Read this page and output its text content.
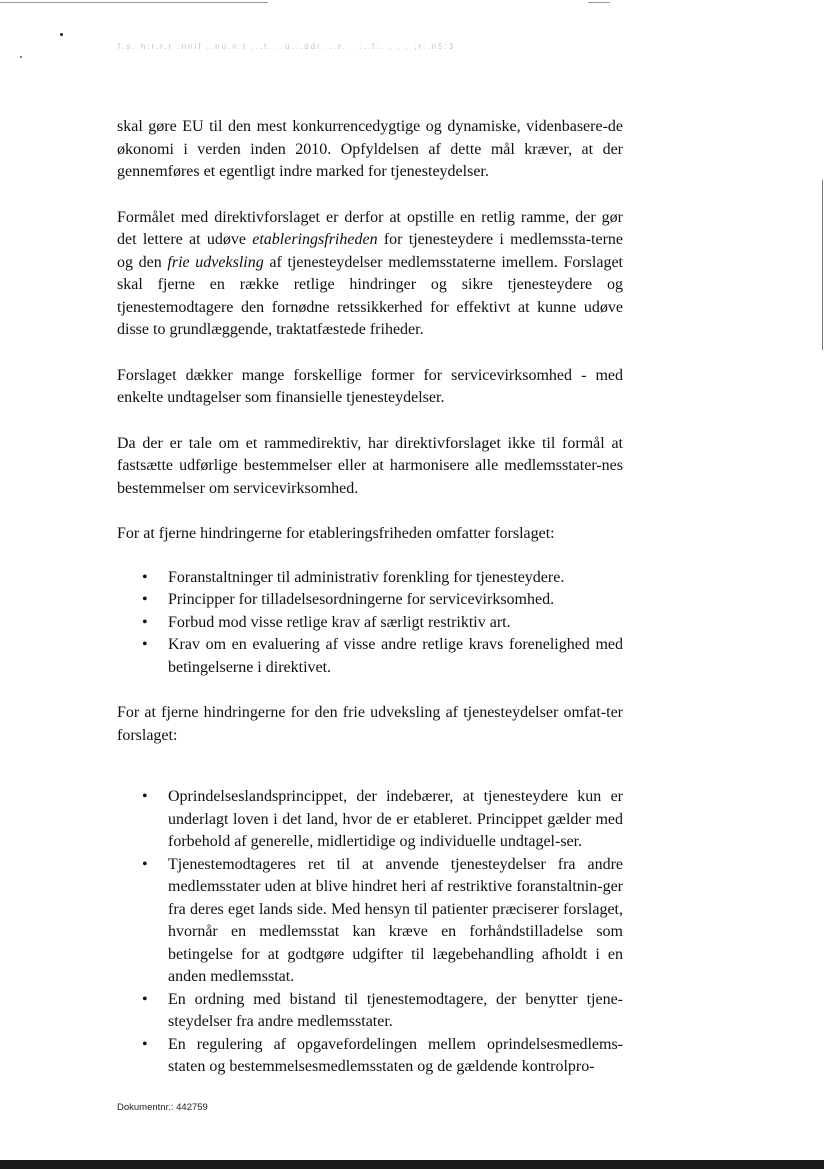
f.s. h:r.r.r :nnif ..nu.n:t ...t. ..u.:.ddr. ..r. . :..f:. , . . ;r:.n5:3

skal gøre EU til den mest konkurrencedygtige og dynamiske, videnbasere-de økonomi i verden inden 2010. Opfyldelsen af dette mål kræver, at der gennemføres et egentligt indre marked for tjenesteydelser.

Formålet med direktivforslaget er derfor at opstille en retlig ramme, der gør det lettere at udøve etableringsfriheden for tjenesteydere i medlemssta-terne og den frie udveksling af tjenesteydelser medlemsstaterne imellem. Forslaget skal fjerne en række retlige hindringer og sikre tjenesteydere og tjenestemodtagere den fornødne retssikkerhed for effektivt at kunne udøve disse to grundlæggende, traktatfæstede friheder.

Forslaget dækker mange forskellige former for servicevirksomhed - med enkelte undtagelser som finansielle tjenesteydelser.

Da der er tale om et rammedirektiv, har direktivforslaget ikke til formål at fastsætte udførlige bestemmelser eller at harmonisere alle medlemsstater-nes bestemmelser om servicevirksomhed.

For at fjerne hindringerne for etableringsfriheden omfatter forslaget:

• Foranstaltninger til administrativ forenkling for tjenesteydere.
• Principper for tilladelsesordningerne for servicevirksomhed.
• Forbud mod visse retlige krav af særligt restriktiv art.
• Krav om en evaluering af visse andre retlige kravs forenelighed med betingelserne i direktivet.

For at fjerne hindringerne for den frie udveksling af tjenesteydelser omfat-ter forslaget:

• Oprindelseslandsprincippet, der indebærer, at tjenesteydere kun er underlagt loven i det land, hvor de er etableret. Princippet gælder med forbehold af generelle, midlertidige og individuelle undtagel-ser.
• Tjenestemodtageres ret til at anvende tjenesteydelser fra andre medlemsstater uden at blive hindret heri af restriktive foranstaltnin-ger fra deres eget lands side. Med hensyn til patienter præciserer forslaget, hvornår en medlemsstat kan kræve en forhåndstilladelse som betingelse for at godtgøre udgifter til lægebehandling afholdt i en anden medlemsstat.
• En ordning med bistand til tjenestemodtagere, der benytter tjene-steydelser fra andre medlemsstater.
• En regulering af opgavefordelingen mellem oprindelsesmedlems-staten og bestemmelsesmedlemsstaten og de gældende kontrolpro-
Dokumentnr.: 442759
